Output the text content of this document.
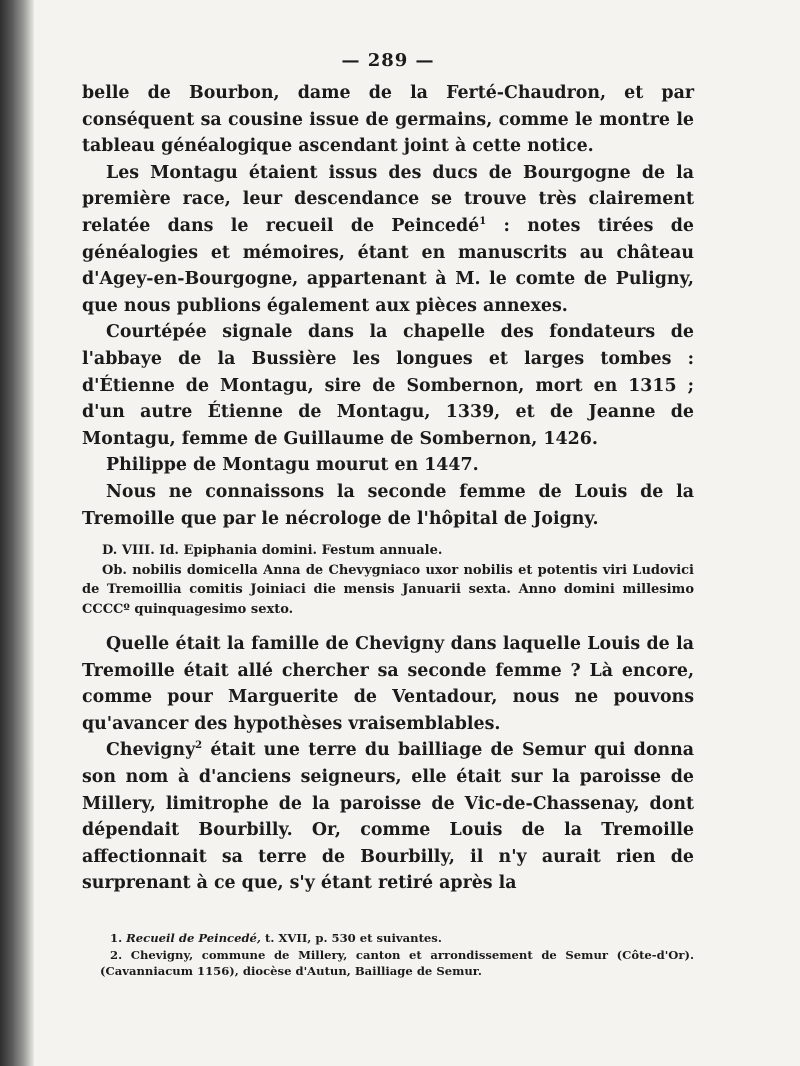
— 289 —

belle de Bourbon, dame de la Ferté-Chaudron, et par conséquent sa cousine issue de germains, comme le montre le tableau généalogique ascendant joint à cette notice.

Les Montagu étaient issus des ducs de Bourgogne de la première race, leur descendance se trouve très clairement relatée dans le recueil de Peincedé$^1$ : notes tirées de généalogies et mémoires, étant en manuscrits au château d'Agey-en-Bourgogne, appartenant à M. le comte de Puligny, que nous publions également aux pièces annexes.

Courtépée signale dans la chapelle des fondateurs de l'abbaye de la Bussière les longues et larges tombes : d'Étienne de Montagu, sire de Sombernon, mort en 1315 ; d'un autre Étienne de Montagu, 1339, et de Jeanne de Montagu, femme de Guillaume de Sombernon, 1426.

Philippe de Montagu mourut en 1447.

Nous ne connaissons la seconde femme de Louis de la Tremoille que par le nécrologe de l'hôpital de Joigny.

D. VIII. Id. Epiphania domini. Festum annuale.

Ob. nobilis domicella Anna de Chevygniaco uxor nobilis et potentis viri Ludovici de Tremoillia comitis Joiniaci die mensis Januarii sexta. Anno domini millesimo CCCCº quinquagesimo sexto.

Quelle était la famille de Chevigny dans laquelle Louis de la Tremoille était allé chercher sa seconde femme ? Là encore, comme pour Marguerite de Ventadour, nous ne pouvons qu'avancer des hypothèses vraisemblables.

Chevigny$^2$ était une terre du bailliage de Semur qui donna son nom à d'anciens seigneurs, elle était sur la paroisse de Millery, limitrophe de la paroisse de Vic-de-Chassenay, dont dépendait Bourbilly. Or, comme Louis de la Tremoille affectionnait sa terre de Bourbilly, il n'y aurait rien de surprenant à ce que, s'y étant retiré après la

1. Recueil de Peincedé, t. XVII, p. 530 et suivantes.

2. Chevigny, commune de Millery, canton et arrondissement de Semur (Côte-d'Or). (Cavanniacum 1156), diocèse d'Autun, Bailliage de Semur.
